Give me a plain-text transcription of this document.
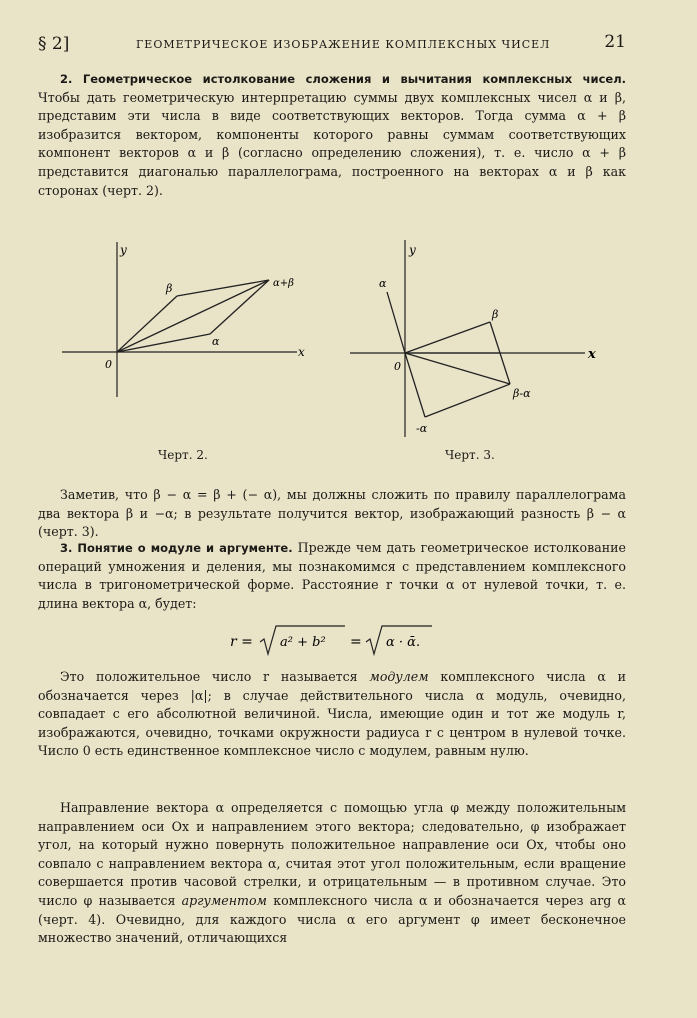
§ 2]	ГЕОМЕТРИЧЕСКОЕ ИЗОБРАЖЕНИЕ КОМПЛЕКСНЫХ ЧИСЕЛ	21

2. Геометрическое истолкование сложения и вычитания комплексных чисел. Чтобы дать геометрическую интерпретацию суммы двух комплексных чисел α и β, представим эти числа в виде соответствующих векторов. Тогда сумма α + β изобразится вектором, компоненты которого равны суммам соответствующих компонент векторов α и β (согласно определению сложения), т. е. число α + β представится диагональю параллелограма, построенного на векторах α и β как сторонах (черт. 2).

y
x
0
β
α
α+β
Черт. 2.
y
x
0
α
β
-α
β-α
Черт. 3.

Заметив, что β − α = β + (− α), мы должны сложить по правилу параллелограма два вектора β и −α; в результате получится вектор, изображающий разность β − α (черт. 3).

3. Понятие о модуле и аргументе. Прежде чем дать геометрическое истолкование операций умножения и деления, мы познакомимся с представлением комплексного числа в тригонометрической форме. Расстояние r точки α от нулевой точки, т. е. длина вектора α, будет:

r = a² + b² = α · ᾱ.

Это положительное число r называется модулем комплексного числа α и обозначается через |α|; в случае действительного числа α модуль, очевидно, совпадает с его абсолютной величиной. Числа, имеющие один и тот же модуль r, изображаются, очевидно, точками окружности радиуса r с центром в нулевой точке. Число 0 есть единственное комплексное число с модулем, равным нулю.

Направление вектора α определяется с помощью угла φ между положительным направлением оси Ox и направлением этого вектора; следовательно, φ изображает угол, на который нужно повернуть положительное направление оси Ox, чтобы оно совпало с направлением вектора α, считая этот угол положительным, если вращение совершается против часовой стрелки, и отрицательным — в противном случае. Это число φ называется аргументом комплексного числа α и обозначается через arg α (черт. 4). Очевидно, для каждого числа α его аргумент φ имеет бесконечное множество значений, отличающихся
